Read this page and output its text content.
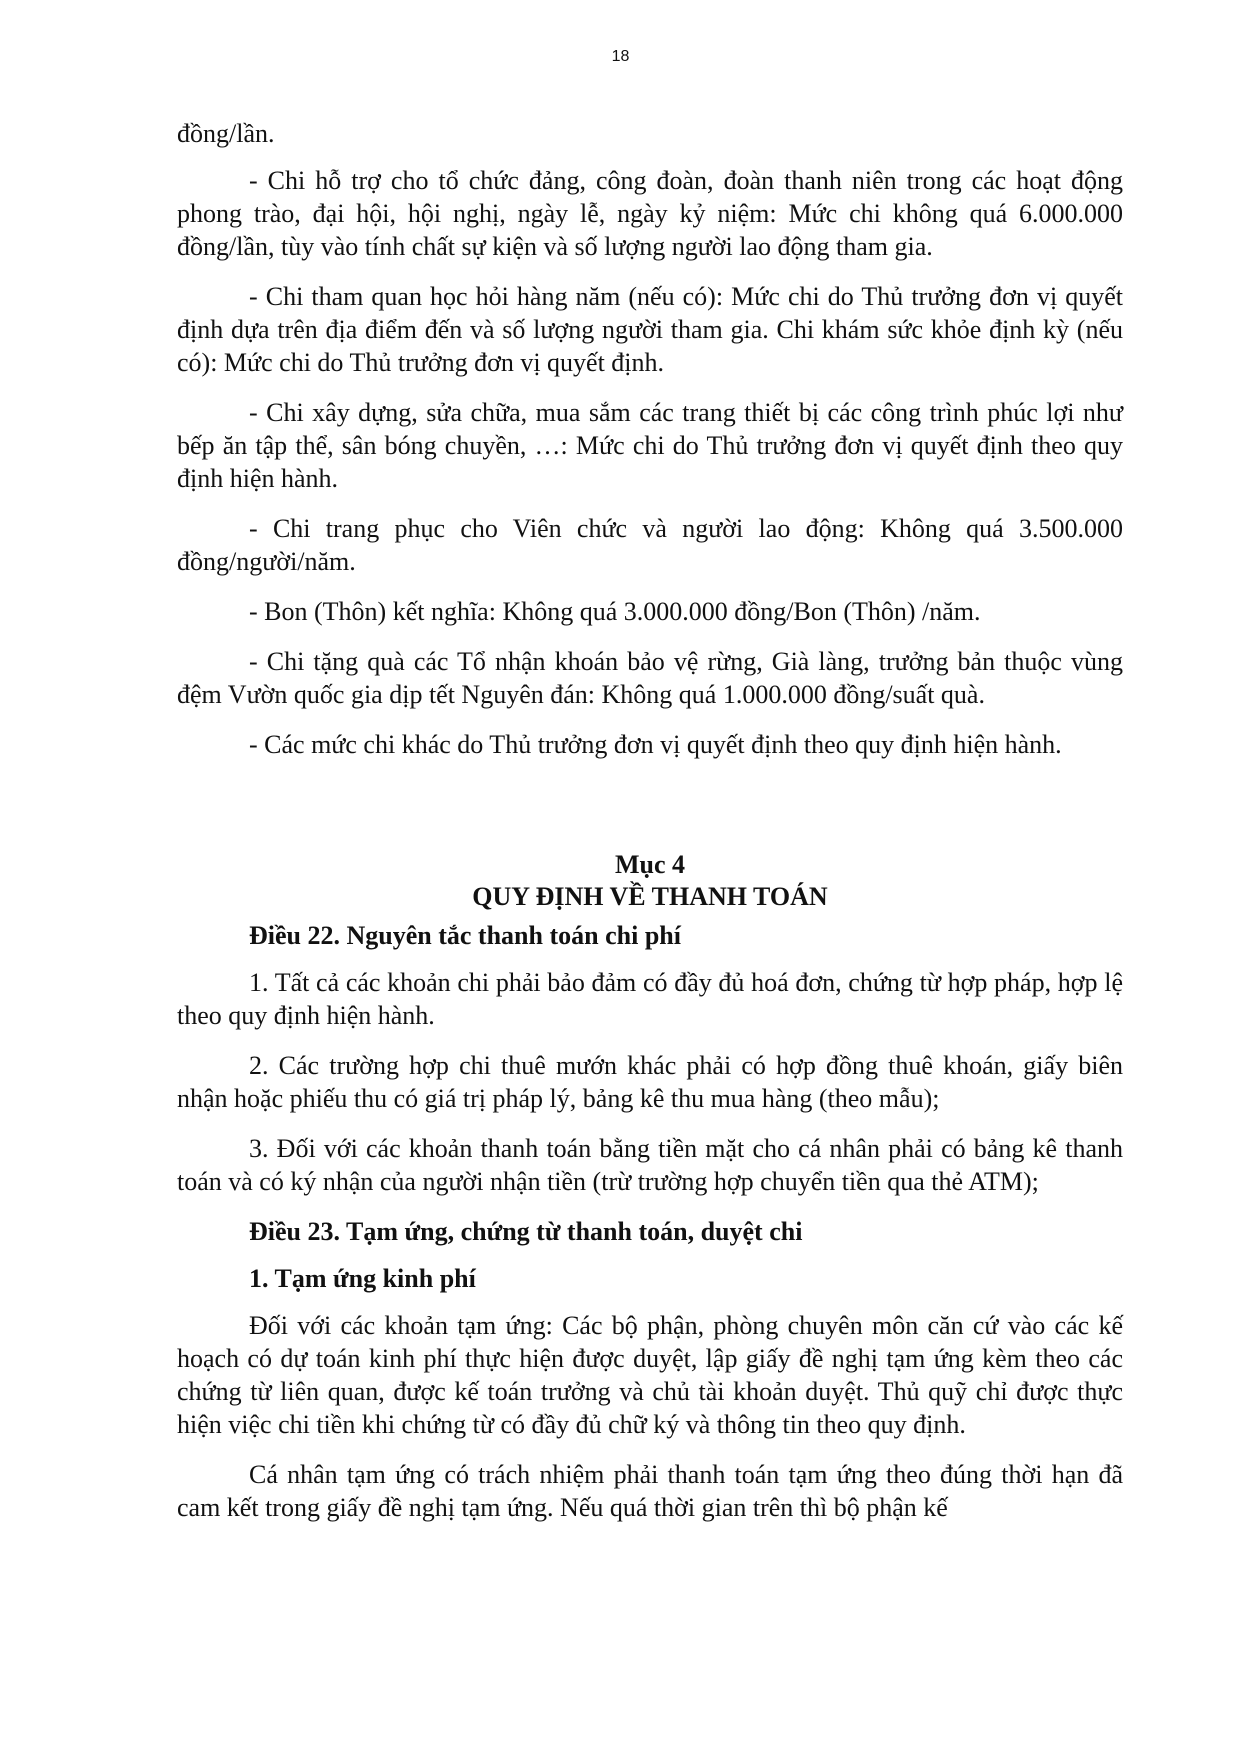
18

đồng/lần.

- Chi hỗ trợ cho tổ chức đảng, công đoàn, đoàn thanh niên trong các hoạt động phong trào, đại hội, hội nghị, ngày lễ, ngày kỷ niệm: Mức chi không quá 6.000.000 đồng/lần, tùy vào tính chất sự kiện và số lượng người lao động tham gia.

- Chi tham quan học hỏi hàng năm (nếu có): Mức chi do Thủ trưởng đơn vị quyết định dựa trên địa điểm đến và số lượng người tham gia. Chi khám sức khỏe định kỳ (nếu có): Mức chi do Thủ trưởng đơn vị quyết định.

- Chi xây dựng, sửa chữa, mua sắm các trang thiết bị các công trình phúc lợi như bếp ăn tập thể, sân bóng chuyền, …: Mức chi do Thủ trưởng đơn vị quyết định theo quy định hiện hành.

- Chi trang phục cho Viên chức và người lao động: Không quá 3.500.000 đồng/người/năm.

- Bon (Thôn) kết nghĩa: Không quá 3.000.000 đồng/Bon (Thôn) /năm.

- Chi tặng quà các Tổ nhận khoán bảo vệ rừng, Già làng, trưởng bản thuộc vùng đệm Vườn quốc gia dịp tết Nguyên đán: Không quá 1.000.000 đồng/suất quà.

- Các mức chi khác do Thủ trưởng đơn vị quyết định theo quy định hiện hành.

Mục 4
QUY ĐỊNH VỀ THANH TOÁN

Điều 22. Nguyên tắc thanh toán chi phí

1. Tất cả các khoản chi phải bảo đảm có đầy đủ hoá đơn, chứng từ hợp pháp, hợp lệ theo quy định hiện hành.

2. Các trường hợp chi thuê mướn khác phải có hợp đồng thuê khoán, giấy biên nhận hoặc phiếu thu có giá trị pháp lý, bảng kê thu mua hàng (theo mẫu);

3. Đối với các khoản thanh toán bằng tiền mặt cho cá nhân phải có bảng kê thanh toán và có ký nhận của người nhận tiền (trừ trường hợp chuyển tiền qua thẻ ATM);

Điều 23. Tạm ứng, chứng từ thanh toán, duyệt chi

1. Tạm ứng kinh phí

Đối với các khoản tạm ứng: Các bộ phận, phòng chuyên môn căn cứ vào các kế hoạch có dự toán kinh phí thực hiện được duyệt, lập giấy đề nghị tạm ứng kèm theo các chứng từ liên quan, được kế toán trưởng và chủ tài khoản duyệt. Thủ quỹ chỉ được thực hiện việc chi tiền khi chứng từ có đầy đủ chữ ký và thông tin theo quy định.

Cá nhân tạm ứng có trách nhiệm phải thanh toán tạm ứng theo đúng thời hạn đã cam kết trong giấy đề nghị tạm ứng. Nếu quá thời gian trên thì bộ phận kế
